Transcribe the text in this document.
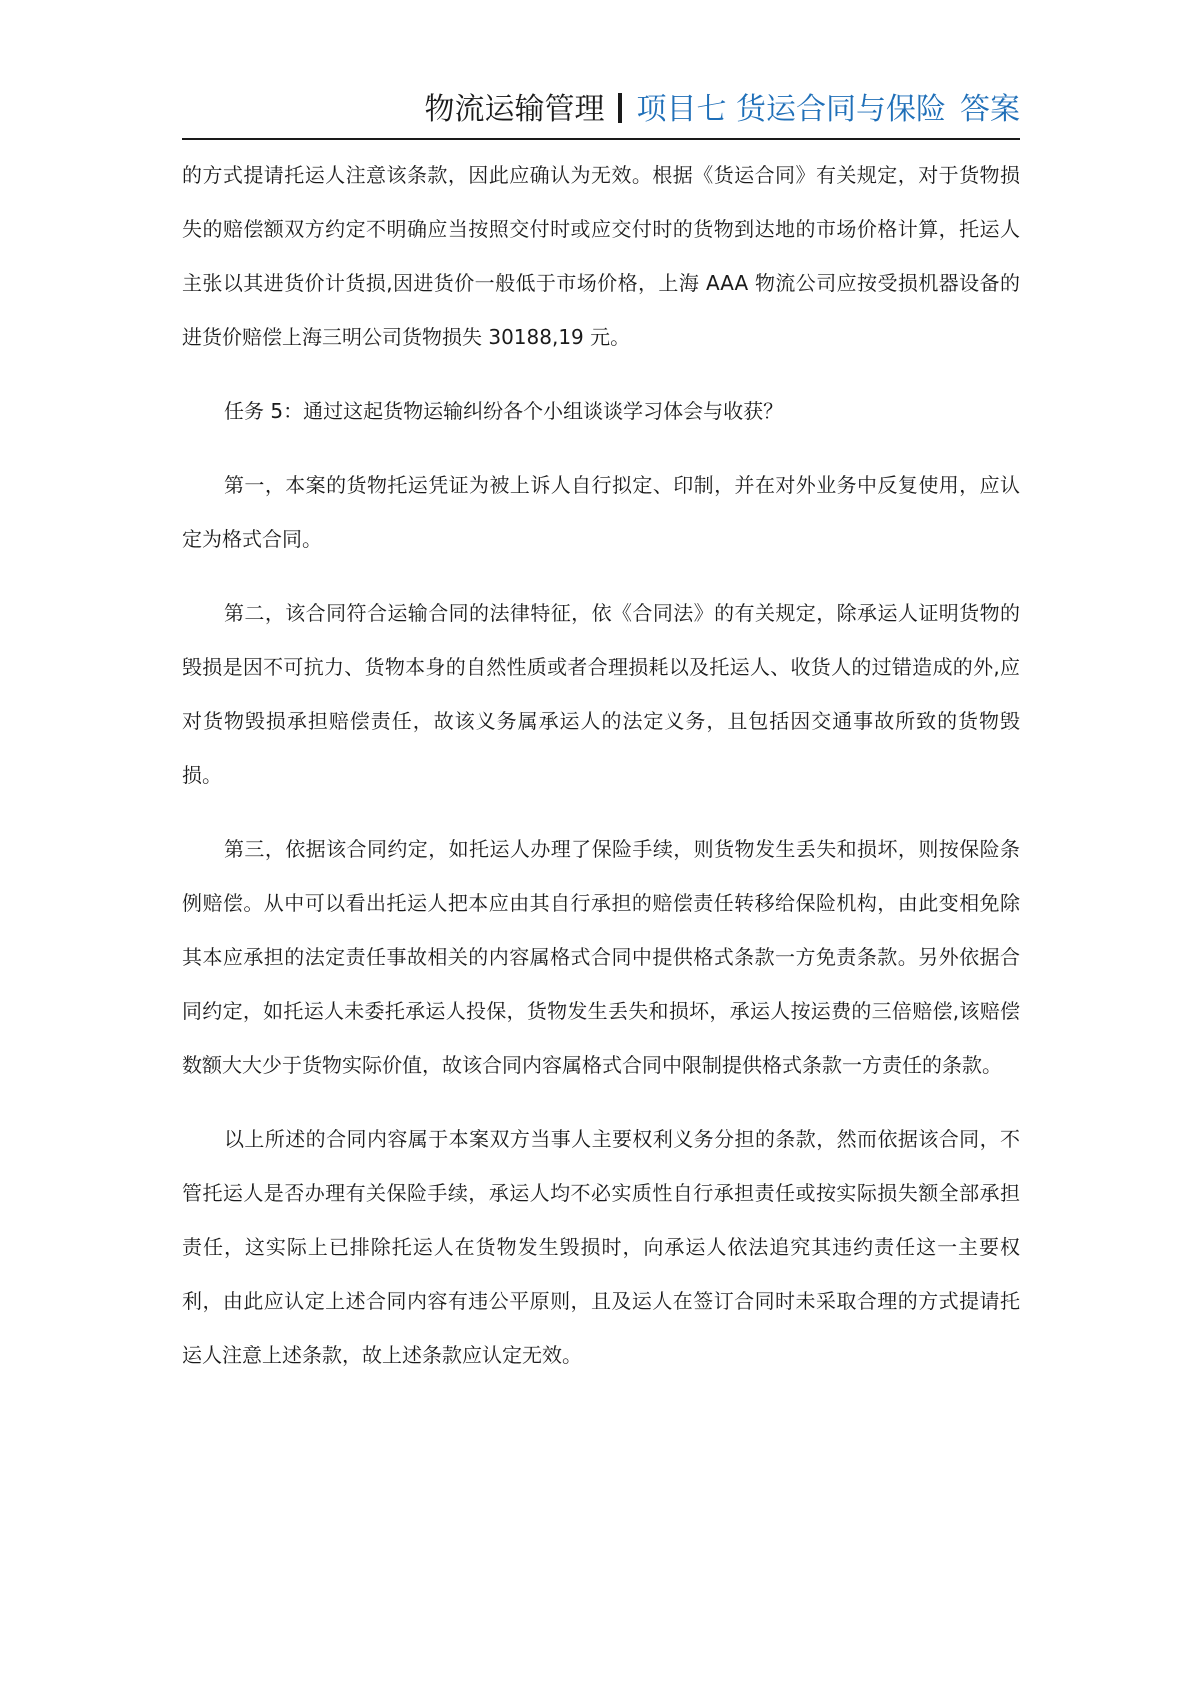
物流运输管理 项目七 货运合同与保险 答案

的方式提请托运人注意该条款，因此应确认为无效。根据《货运合同》有关规定，对于货物损失的赔偿额双方约定不明确应当按照交付时或应交付时的货物到达地的市场价格计算，托运人主张以其进货价计货损,因进货价一般低于市场价格，上海 AAA 物流公司应按受损机器设备的进货价赔偿上海三明公司货物损失 30188,19 元。

任务 5：通过这起货物运输纠纷各个小组谈谈学习体会与收获？

第一，本案的货物托运凭证为被上诉人自行拟定、印制，并在对外业务中反复使用，应认定为格式合同。

第二，该合同符合运输合同的法律特征，依《合同法》的有关规定，除承运人证明货物的毁损是因不可抗力、货物本身的自然性质或者合理损耗以及托运人、收货人的过错造成的外,应对货物毁损承担赔偿责任，故该义务属承运人的法定义务，且包括因交通事故所致的货物毁损。

第三，依据该合同约定，如托运人办理了保险手续，则货物发生丢失和损坏，则按保险条例赔偿。从中可以看出托运人把本应由其自行承担的赔偿责任转移给保险机构，由此变相免除其本应承担的法定责任事故相关的内容属格式合同中提供格式条款一方免责条款。另外依据合同约定，如托运人未委托承运人投保，货物发生丢失和损坏，承运人按运费的三倍赔偿,该赔偿数额大大少于货物实际价值，故该合同内容属格式合同中限制提供格式条款一方责任的条款。

以上所述的合同内容属于本案双方当事人主要权利义务分担的条款，然而依据该合同，不管托运人是否办理有关保险手续，承运人均不必实质性自行承担责任或按实际损失额全部承担责任，这实际上已排除托运人在货物发生毁损时，向承运人依法追究其违约责任这一主要权利，由此应认定上述合同内容有违公平原则，且及运人在签订合同时未采取合理的方式提请托运人注意上述条款，故上述条款应认定无效。
